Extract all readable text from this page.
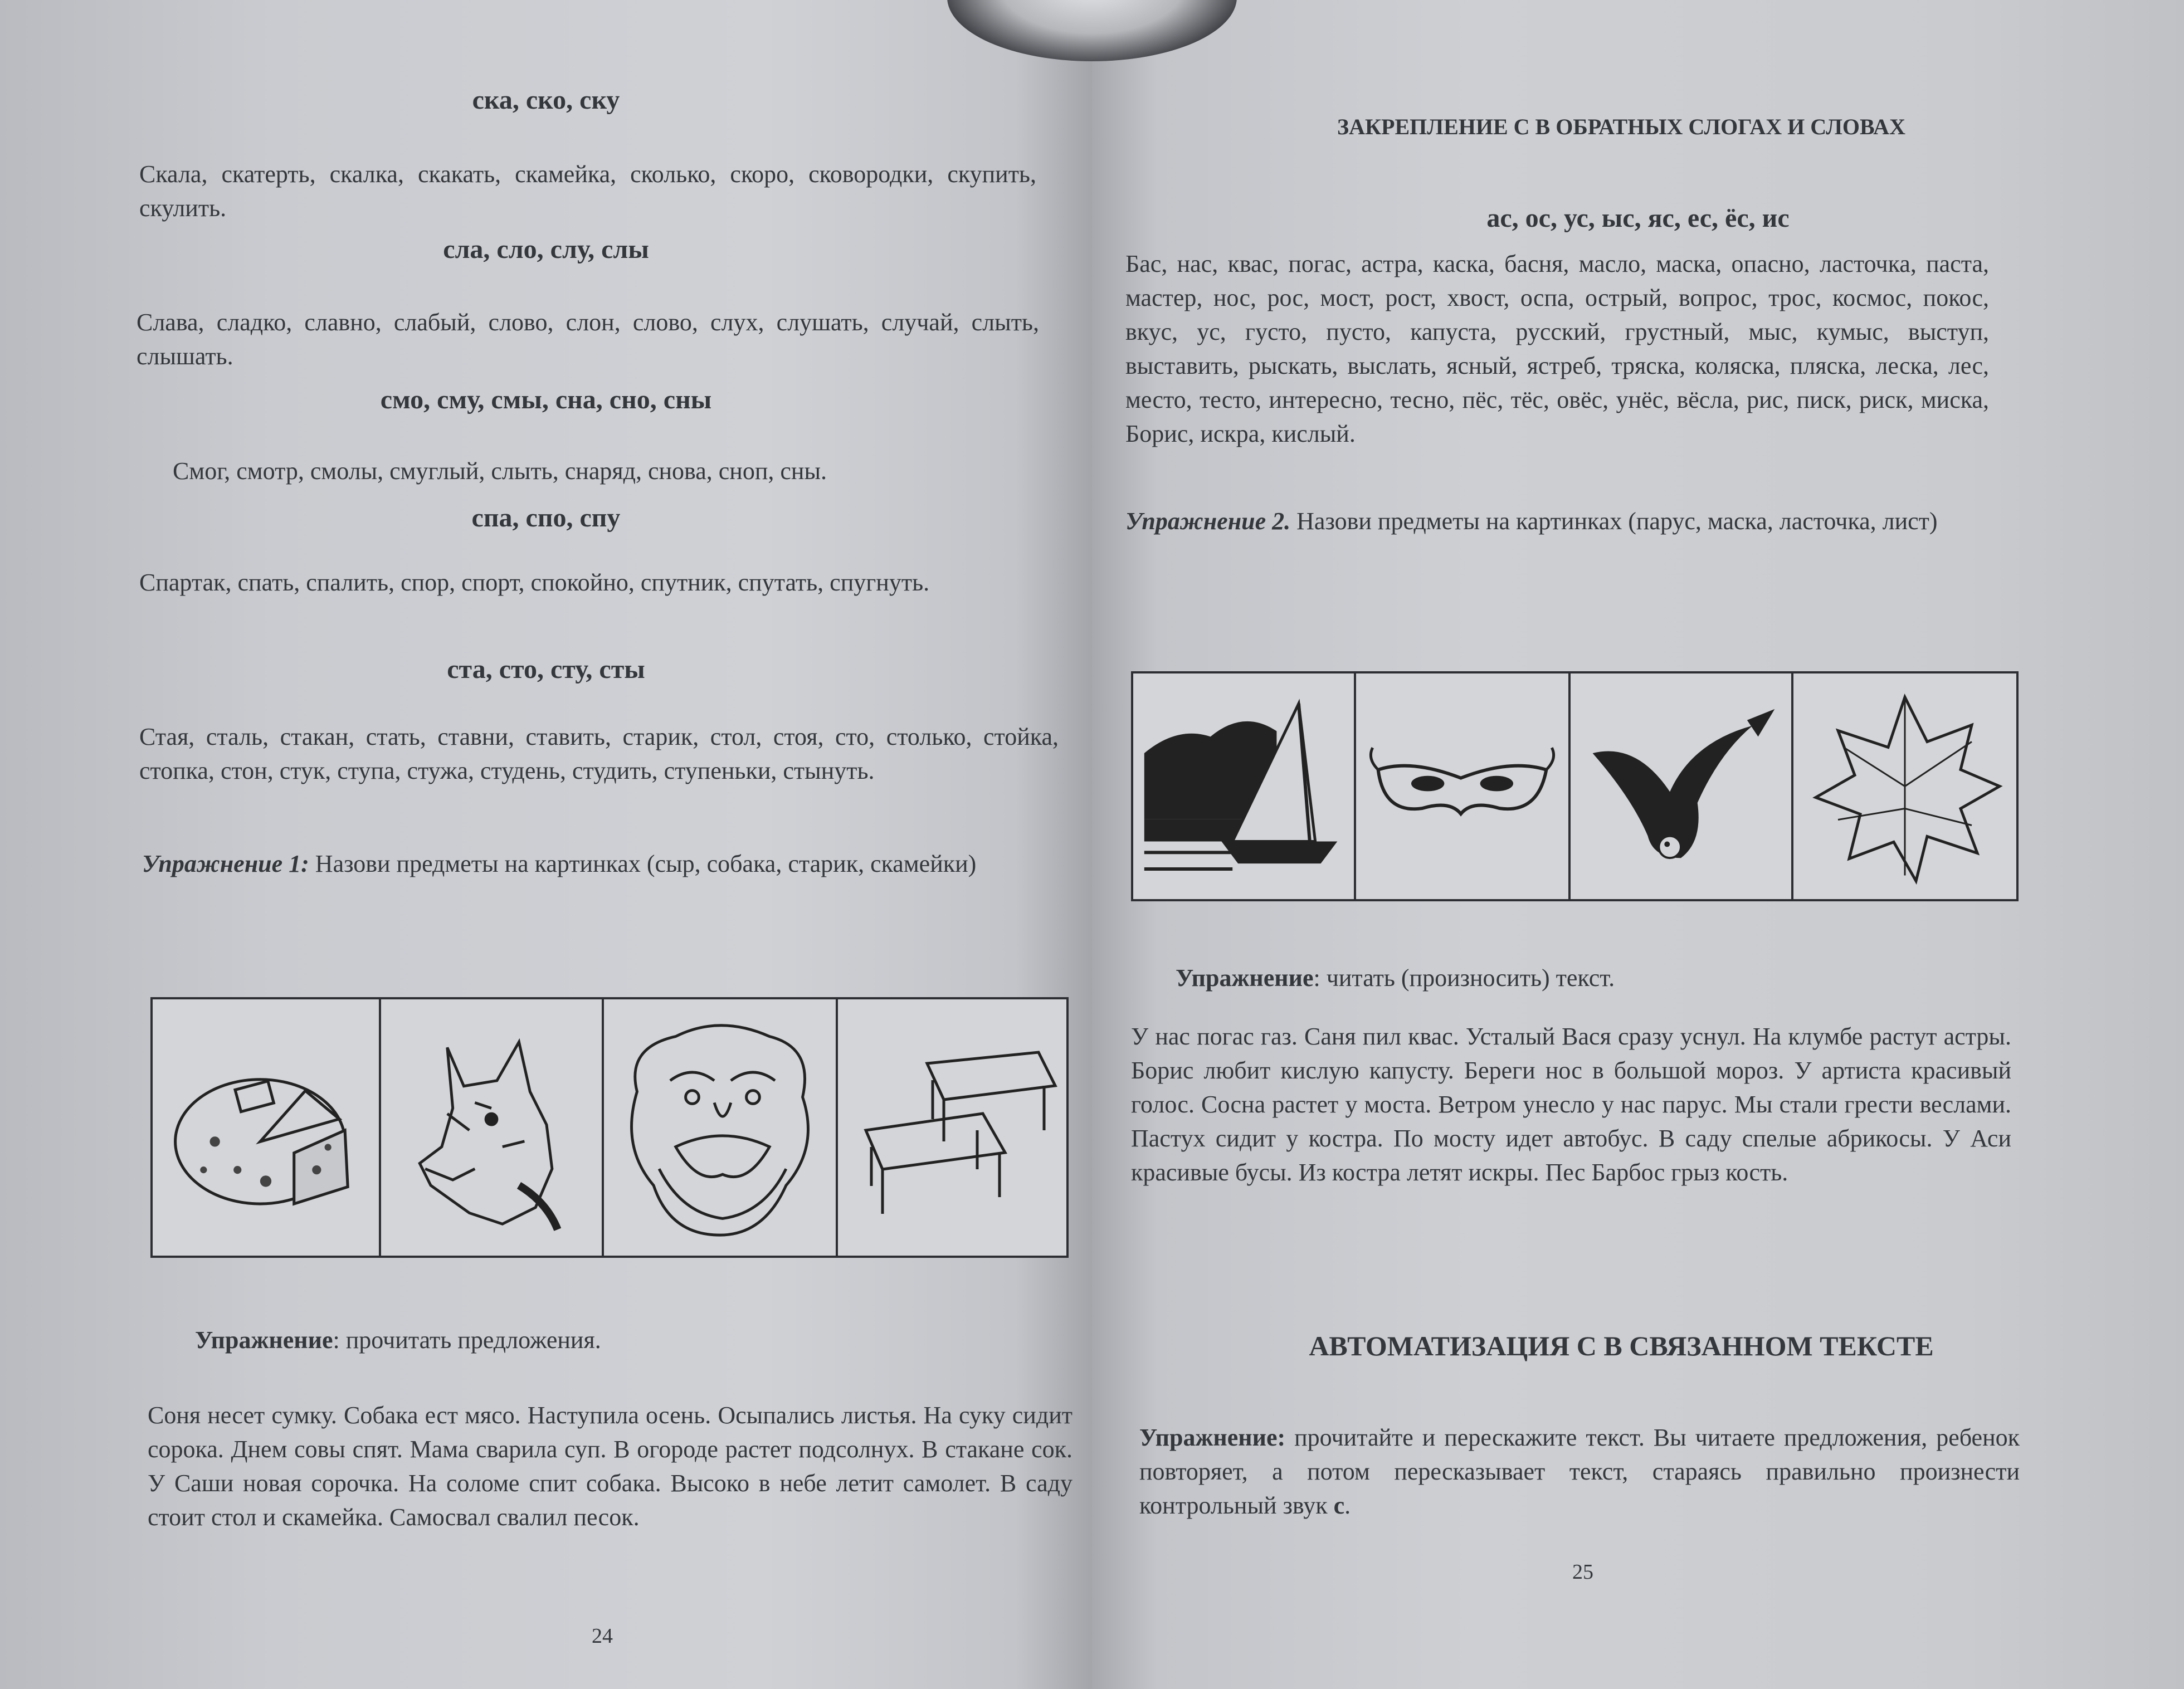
ска, ско, ску
Скала, скатерть, скалка, скакать, скамейка, сколько, скоро, сковородки, скупить, скулить.
сла, сло, слу, слы
Слава, сладко, славно, слабый, слово, слон, слово, слух, слушать, случай, слыть, слышать.
смо, сму, смы, сна, сно, сны
Смог, смотр, смолы, смуглый, слыть, снаряд, снова, сноп, сны.
спа, спо, спу
Спартак, спать, спалить, спор, спорт, спокойно, спутник, спутать, спугнуть.
ста, сто, сту, сты
Стая, сталь, стакан, стать, ставни, ставить, старик, стол, стоя, сто, столько, стойка, стопка, стон, стук, ступа, стужа, студень, студить, ступеньки, стынуть.
Упражнение 1: Назови предметы на картинках (сыр, собака, старик, скамейки)
Упражнение: прочитать предложения.
Соня несет сумку. Собака ест мясо. Наступила осень. Осыпались листья. На суку сидит сорока. Днем совы спят. Мама сварила суп. В огороде растет подсолнух. В стакане сок. У Саши новая сорочка. На соломе спит собака. Высоко в небе летит самолет. В саду стоит стол и скамейка. Самосвал свалил песок.
24
ЗАКРЕПЛЕНИЕ С В ОБРАТНЫХ СЛОГАХ И СЛОВАХ
ас, ос, ус, ыс, яс, ес, ёс, ис
Бас, нас, квас, погас, астра, каска, басня, масло, маска, опасно, ласточка, паста, мастер, нос, рос, мост, рост, хвост, оспа, острый, вопрос, трос, космос, покос, вкус, ус, густо, пусто, капуста, русский, грустный, мыс, кумыс, выступ, выставить, рыскать, выслать, ясный, ястреб, тряска, коляска, пляска, леска, лес, место, тесто, интересно, тесно, пёс, тёс, овёс, унёс, вёсла, рис, писк, риск, миска, Борис, искра, кислый.
Упражнение 2. Назови предметы на картинках (парус, маска, ласточка, лист)
Упражнение: читать (произносить) текст.
У нас погас газ. Саня пил квас. Усталый Вася сразу уснул. На клумбе растут астры. Борис любит кислую капусту. Береги нос в большой мороз. У артиста красивый голос. Сосна растет у моста. Ветром унесло у нас парус. Мы стали грести веслами. Пастух сидит у костра. По мосту идет автобус. В саду спелые абрикосы. У Аси красивые бусы. Из костра летят искры. Пес Барбос грыз кость.
АВТОМАТИЗАЦИЯ С В СВЯЗАННОМ ТЕКСТЕ
Упражнение: прочитайте и перескажите текст. Вы читаете предложения, ребенок повторяет, а потом пересказывает текст, стараясь правильно произнести контрольный звук с.
25
